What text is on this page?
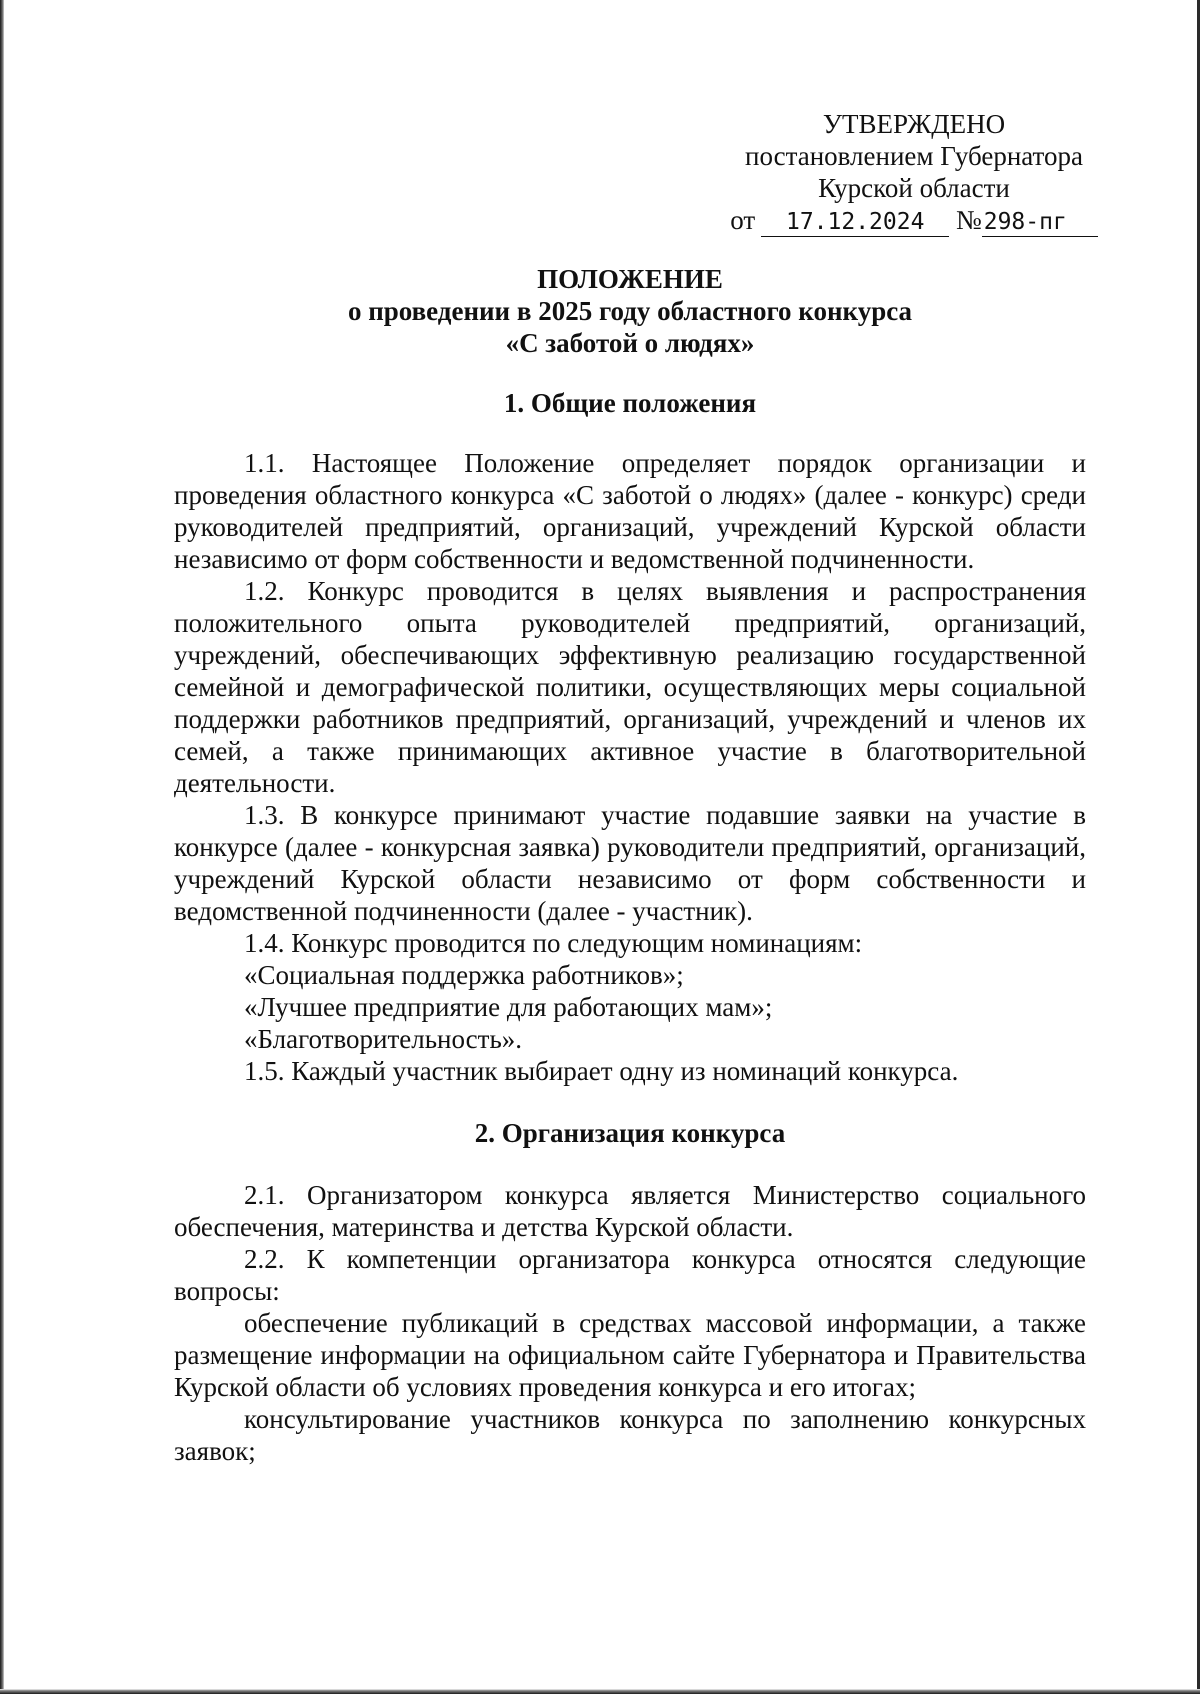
УТВЕРЖДЕНО
постановлением Губернатора
Курской области
от 17.12.2024 №298-пг
ПОЛОЖЕНИЕ
о проведении в 2025 году областного конкурса
«С заботой о людях»
1. Общие положения

1.1. Настоящее Положение определяет порядок организации и проведения областного конкурса «С заботой о людях» (далее - конкурс) среди руководителей предприятий, организаций, учреждений Курской области независимо от форм собственности и ведомственной подчиненности.

1.2. Конкурс проводится в целях выявления и распространения положительного опыта руководителей предприятий, организаций, учреждений, обеспечивающих эффективную реализацию государственной семейной и демографической политики, осуществляющих меры социальной поддержки работников предприятий, организаций, учреждений и членов их семей, а также принимающих активное участие в благотворительной деятельности.

1.3. В конкурсе принимают участие подавшие заявки на участие в конкурсе (далее - конкурсная заявка) руководители предприятий, организаций, учреждений Курской области независимо от форм собственности и ведомственной подчиненности (далее - участник).

1.4. Конкурс проводится по следующим номинациям:

«Социальная поддержка работников»;

«Лучшее предприятие для работающих мам»;

«Благотворительность».

1.5. Каждый участник выбирает одну из номинаций конкурса.

2. Организация конкурса

2.1. Организатором конкурса является Министерство социального обеспечения, материнства и детства Курской области.

2.2. К компетенции организатора конкурса относятся следующие вопросы:

обеспечение публикаций в средствах массовой информации, а также размещение информации на официальном сайте Губернатора и Правительства Курской области об условиях проведения конкурса и его итогах;

консультирование участников конкурса по заполнению конкурсных заявок;
